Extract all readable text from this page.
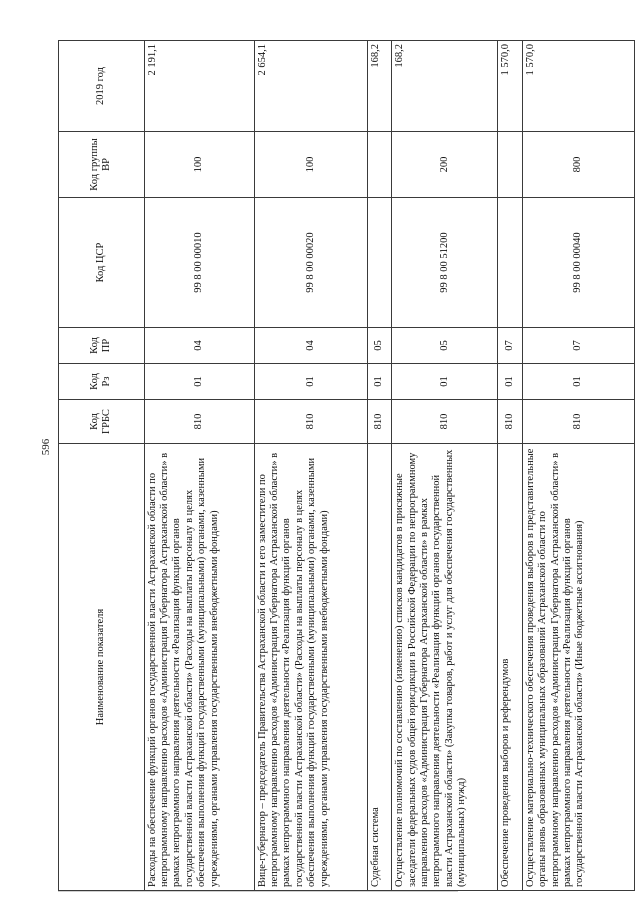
596
Наименование показателя	Код ГРБС	Код Рз	Код ПР	Код ЦСР	Код группы ВР	2019 год
Расходы на обеспечение функций органов государственной власти Астраханской области по непрограммному направлению расходов «Администрация Губернатора Астраханской области» в рамках непрограммного направления деятельности «Реализация функций органов государственной власти Астраханской области» (Расходы на выплаты персоналу в целях обеспечения выполнения функций государственными (муниципальными) органами, казенными учреждениями, органами управления государственными внебюджетными фондами)	810	01	04	99 8 00 00010	100	2 191,1
Вице-губернатор – председатель Правительства Астраханской области и его заместители по непрограммному направлению расходов «Администрация Губернатора Астраханской области» в рамках непрограммного направления деятельности «Реализация функций органов государственной власти Астраханской области» (Расходы на выплаты персоналу в целях обеспечения выполнения функций государственными (муниципальными) органами, казенными учреждениями, органами управления государственными внебюджетными фондами)	810	01	04	99 8 00 00020	100	2 654,1
Судебная система	810	01	05			168,2
Осуществление полномочий по составлению (изменению) списков кандидатов в присяжные заседатели федеральных судов общей юрисдикции в Российской Федерации по непрограммному направлению расходов «Администрация Губернатора Астраханской области» в рамках непрограммного направления деятельности «Реализация функций органов государственной власти Астраханской области» (Закупка товаров, работ и услуг для обеспечения государственных (муниципальных) нужд)	810	01	05	99 8 00 51200	200	168,2
Обеспечение проведения выборов и референдумов	810	01	07			1 570,0
Осуществление материально-технического обеспечения проведения выборов в представительные органы вновь образованных муниципальных образований Астраханской области по непрограммному направлению расходов «Администрация Губернатора Астраханской области» в рамках непрограммного направления деятельности «Реализация функций органов государственной власти Астраханской области» (Иные бюджетные ассигнования)	810	01	07	99 8 00 00040	800	1 570,0
